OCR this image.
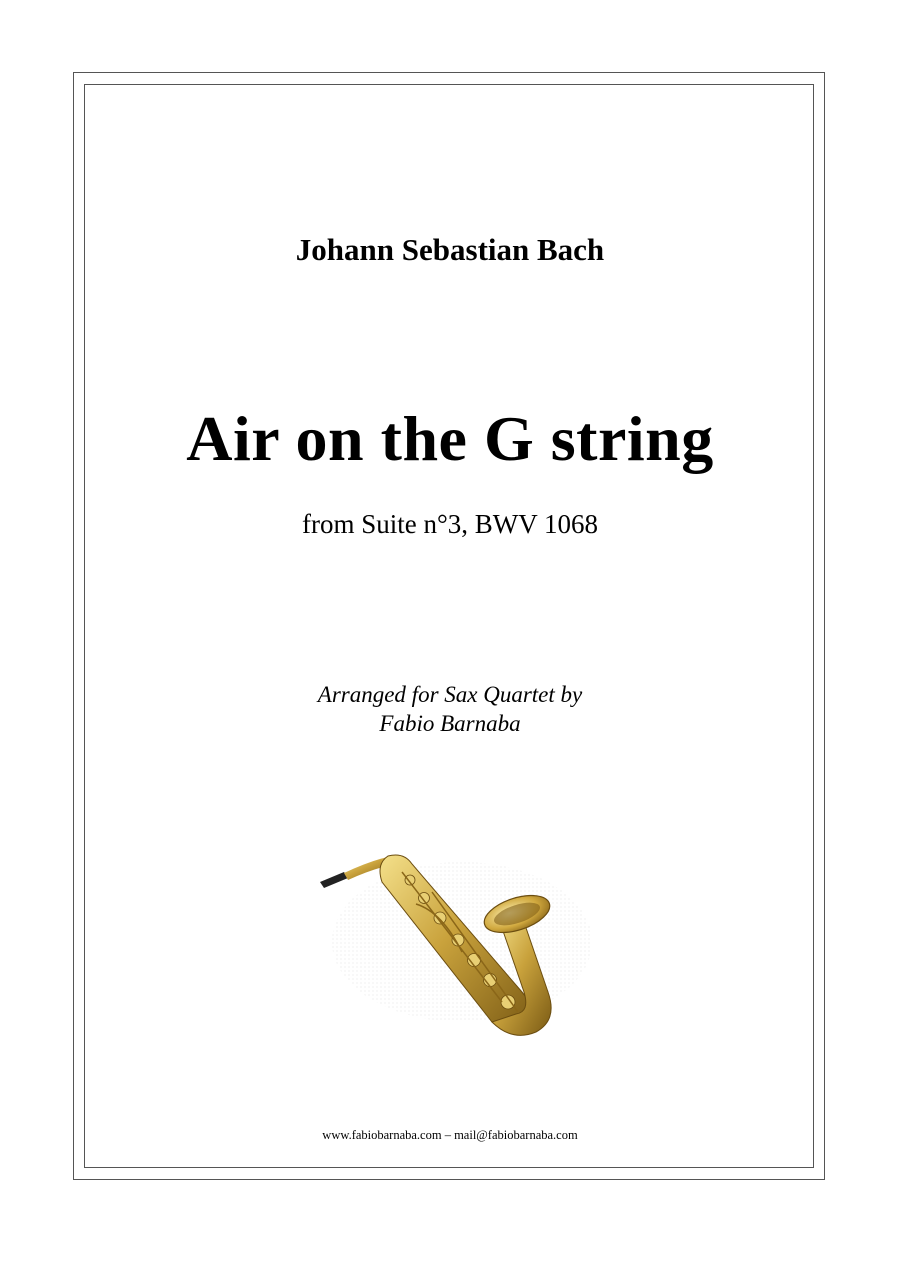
Johann Sebastian Bach
Air on the G string
from Suite n°3, BWV 1068
Arranged for Sax Quartet by
Fabio Barnaba
www.fabiobarnaba.com – mail@fabiobarnaba.com
